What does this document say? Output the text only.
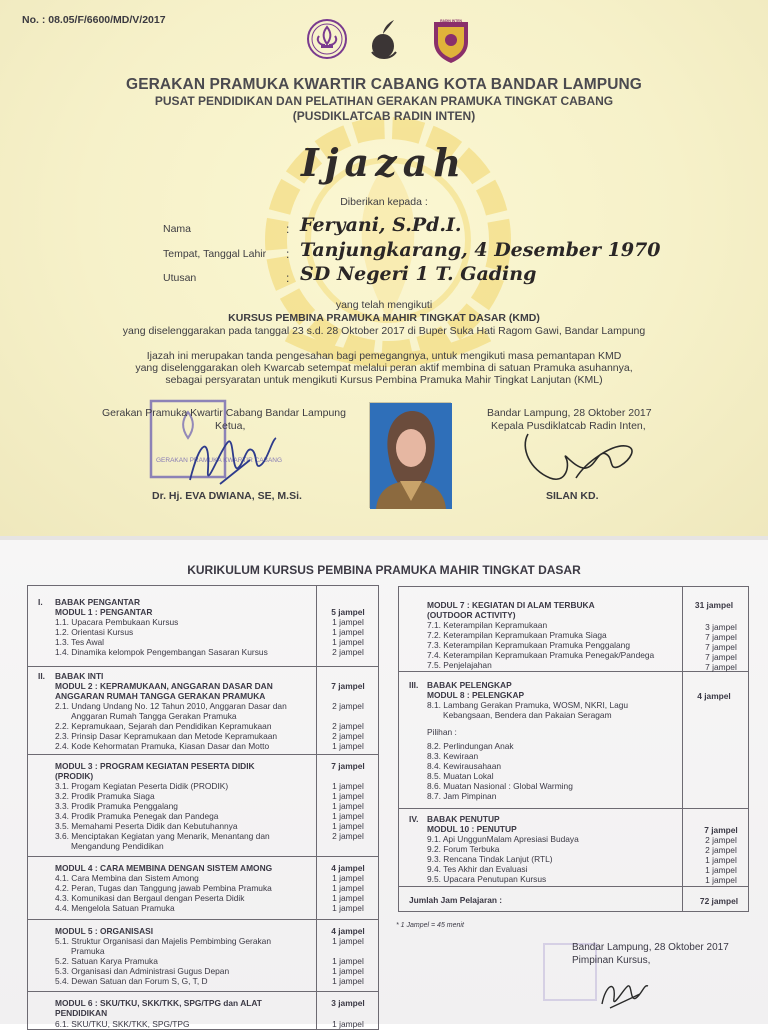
No. : 08.05/F/6600/MD/V/2017	RADIN INTEN
GERAKAN PRAMUKA KWARTIR CABANG KOTA BANDAR LAMPUNG
PUSAT PENDIDIKAN DAN PELATIHAN GERAKAN PRAMUKA TINGKAT CABANG
(PUSDIKLATCAB RADIN INTEN)
Ijazah
Diberikan kepada :
Nama	: Feryani, S.Pd.I.
Tempat, Tanggal Lahir : Tanjungkarang, 4 Desember 1970
Utusan	: SD Negeri 1 T. Gading
yang telah mengikuti
KURSUS PEMBINA PRAMUKA MAHIR TINGKAT DASAR (KMD)
yang diselenggarakan pada tanggal 23 s.d. 28 Oktober 2017 di Buper Suka Hati Ragom Gawi, Bandar Lampung
Ijazah ini merupakan tanda pengesahan bagi pemegangnya, untuk mengikuti masa pemantapan KMD
yang diselenggarakan oleh Kwarcab setempat melalui peran aktif membina di satuan Pramuka asuhannya,
sebagai persyaratan untuk mengikuti Kursus Pembina Pramuka Mahir Tingkat Lanjutan (KML)
GERAKAN PRAMUKA KWARTIR CABANG
Gerakan Pramuka Kwartir Cabang Bandar Lampung
Ketua,
Dr. Hj. EVA DWIANA, SE, M.Si.
Bandar Lampung, 28 Oktober 2017
Kepala Pusdiklatcab Radin Inten,
SILAN KD.
KURIKULUM KURSUS PEMBINA PRAMUKA MAHIR TINGKAT DASAR
I. BABAK PENGANTAR
MODUL 1 : PENGANTAR	5 jampel
1.1. Upacara Pembukaan Kursus	1 jampel
1.2. Orientasi Kursus	1 jampel
1.3. Tes Awal	1 jampel
1.4. Dinamika kelompok Pengembangan Sasaran Kursus	2 jampel
II. BABAK INTI
MODUL 2 : KEPRAMUKAAN, ANGGARAN DASAR DAN	7 jampel
ANGGARAN RUMAH TANGGA GERAKAN PRAMUKA
2.1. Undang Undang No. 12 Tahun 2010, Anggaran Dasar dan	2 jampel
Anggaran Rumah Tangga Gerakan Pramuka
2.2. Kepramukaan, Sejarah dan Pendidikan Kepramukaan	2 jampel
2.3. Prinsip Dasar Kepramukaan dan Metode Kepramukaan	2 jampel
2.4. Kode Kehormatan Pramuka, Kiasan Dasar dan Motto	1 jampel
MODUL 3 : PROGRAM KEGIATAN PESERTA DIDIK	7 jampel
(PRODIK)
3.1. Progam Kegiatan Peserta Didik (PRODIK)	1 jampel
3.2. Prodik Pramuka Siaga	1 jampel
3.3. Prodik Pramuka Penggalang	1 jampel
3.4. Prodik Pramuka Penegak dan Pandega	1 jampel
3.5. Memahami Peserta Didik dan Kebutuhannya	1 jampel
3.6. Menciptakan Kegiatan yang Menarik, Menantang dan	2 jampel
Mengandung Pendidikan
MODUL 4 : CARA MEMBINA DENGAN SISTEM AMONG	4 jampel
4.1. Cara Membina dan Sistem Among	1 jampel
4.2. Peran, Tugas dan Tanggung jawab Pembina Pramuka	1 jampel
4.3. Komunikasi dan Bergaul dengan Peserta Didik	1 jampel
4.4. Mengelola Satuan Pramuka	1 jampel
MODUL 5 : ORGANISASI	4 jampel
5.1. Struktur Organisasi dan Majelis Pembimbing Gerakan	1 jampel
Pramuka
5.2. Satuan Karya Pramuka	1 jampel
5.3. Organisasi dan Administrasi Gugus Depan	1 jampel
5.4. Dewan Satuan dan Forum S, G, T, D	1 jampel
MODUL 6 : SKU/TKU, SKK/TKK, SPG/TPG dan ALAT	3 jampel
PENDIDIKAN
6.1. SKU/TKU, SKK/TKK, SPG/TPG	1 jampel
MODUL 7 : KEGIATAN DI ALAM TERBUKA	31 jampel
(OUTDOOR ACTIVITY)
7.1. Keterampilan Kepramukaan	3 jampel
7.2. Keterampilan Kepramukaan Pramuka Siaga	7 jampel
7.3. Keterampilan Kepramukaan Pramuka Penggalang	7 jampel
7.4. Keterampilan Kepramukaan Pramuka Penegak/Pandega	7 jampel
7.5. Penjelajahan	7 jampel
III. BABAK PELENGKAP
MODUL 8 : PELENGKAP	4 jampel
8.1. Lambang Gerakan Pramuka, WOSM, NKRI, Lagu
Kebangsaan, Bendera dan Pakaian Seragam
Pilihan :
8.2. Perlindungan Anak
8.3. Kewiraan
8.4. Kewirausahaan
8.5. Muatan Lokal
8.6. Muatan Nasional : Global Warming
8.7. Jam Pimpinan
IV. BABAK PENUTUP
MODUL 10 : PENUTUP	7 jampel
9.1. Api UnggunMalam Apresiasi Budaya	2 jampel
9.2. Forum Terbuka	2 jampel
9.3. Rencana Tindak Lanjut (RTL)	1 jampel
9.4. Tes Akhir dan Evaluasi	1 jampel
9.5. Upacara Penutupan Kursus	1 jampel
Jumlah Jam Pelajaran :	72 jampel
* 1 Jampel = 45 menit
Bandar Lampung, 28 Oktober 2017
Pimpinan Kursus,
